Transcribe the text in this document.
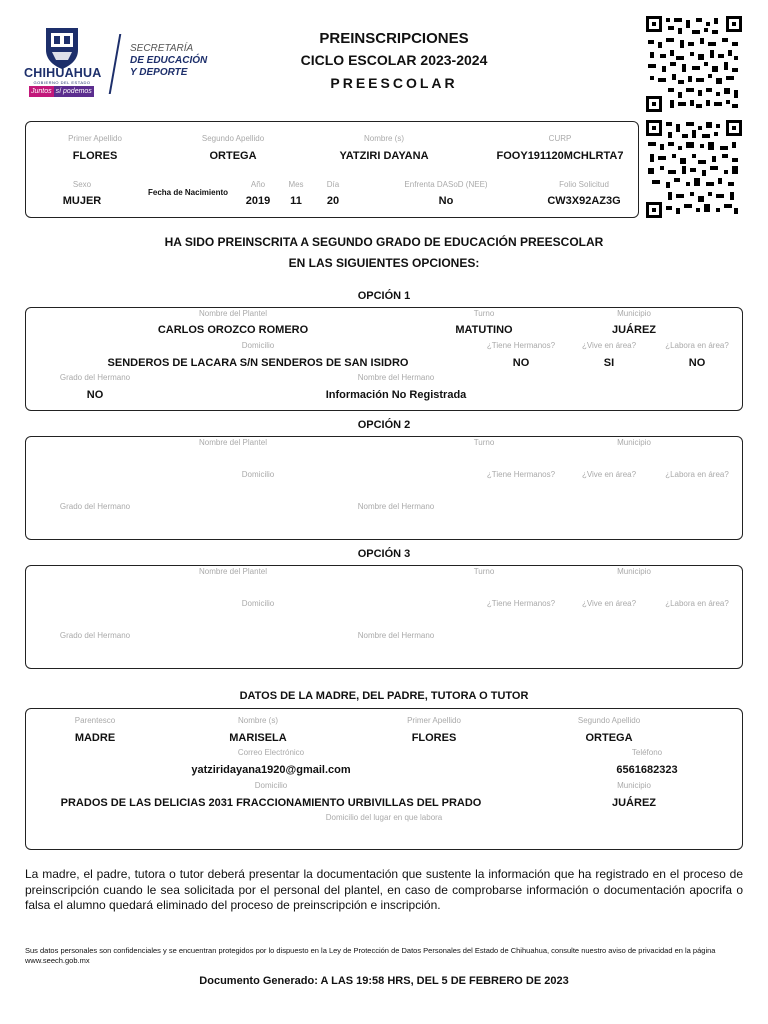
CHIHUAHUA
GOBIERNO DEL ESTADO
Juntos sí podemos
SECRETARÍA
DE EDUCACIÓN
Y DEPORTE
PREINSCRIPCIONES
CICLO ESCOLAR 2023-2024
PREESCOLAR
Primer Apellido
FLORES
Segundo Apellido
ORTEGA
Nombre (s)
YATZIRI DAYANA
CURP
FOOY191120MCHLRTA7
Sexo
MUJER
Fecha de Nacimiento
Año
2019
Mes
11
Día
20
Enfrenta DASoD (NEE)
No
Folio Solicitud
CW3X92AZ3G
HA SIDO PREINSCRITA A SEGUNDO GRADO DE EDUCACIÓN PREESCOLAR
EN LAS SIGUIENTES OPCIONES:
OPCIÓN 1
Nombre del Plantel
CARLOS OROZCO ROMERO
Turno
MATUTINO
Municipio
JUÁREZ
Domicilio
SENDEROS DE LACARA S/N SENDEROS DE SAN ISIDRO
¿Tiene Hermanos?
NO
¿Vive en área?
SI
¿Labora en área?
NO
Grado del Hermano
NO
Nombre del Hermano
Información No Registrada
OPCIÓN 2
Nombre del Plantel	Turno	Municipio
Domicilio	¿Tiene Hermanos?	¿Vive en área?	¿Labora en área?
Grado del Hermano	Nombre del Hermano
OPCIÓN 3
Nombre del Plantel	Turno	Municipio
Domicilio	¿Tiene Hermanos?	¿Vive en área?	¿Labora en área?
Grado del Hermano	Nombre del Hermano
DATOS DE LA MADRE, DEL PADRE, TUTORA O TUTOR
Parentesco
MADRE
Nombre (s)
MARISELA
Primer Apellido
FLORES
Segundo Apellido
ORTEGA
Correo Electrónico
yatziridayana1920@gmail.com
Teléfono
6561682323
Domicilio
PRADOS DE LAS DELICIAS 2031 FRACCIONAMIENTO URBIVILLAS DEL PRADO
Municipio
JUÁREZ
Domicilio del lugar en que labora
La madre, el padre, tutora o tutor deberá presentar la documentación que sustente la información que ha registrado en el proceso de preinscripción cuando le sea solicitada por el personal del plantel, en caso de comprobarse información o documentación apocrifa o falsa el alumno quedará eliminado del proceso de preinscripción e inscripción.
Sus datos personales son confidenciales y se encuentran protegidos por lo dispuesto en la Ley de Protección de Datos Personales del Estado de Chihuahua, consulte nuestro aviso de privacidad en la página www.seech.gob.mx
Documento Generado: A LAS 19:58 HRS, DEL 5 DE FEBRERO DE 2023
